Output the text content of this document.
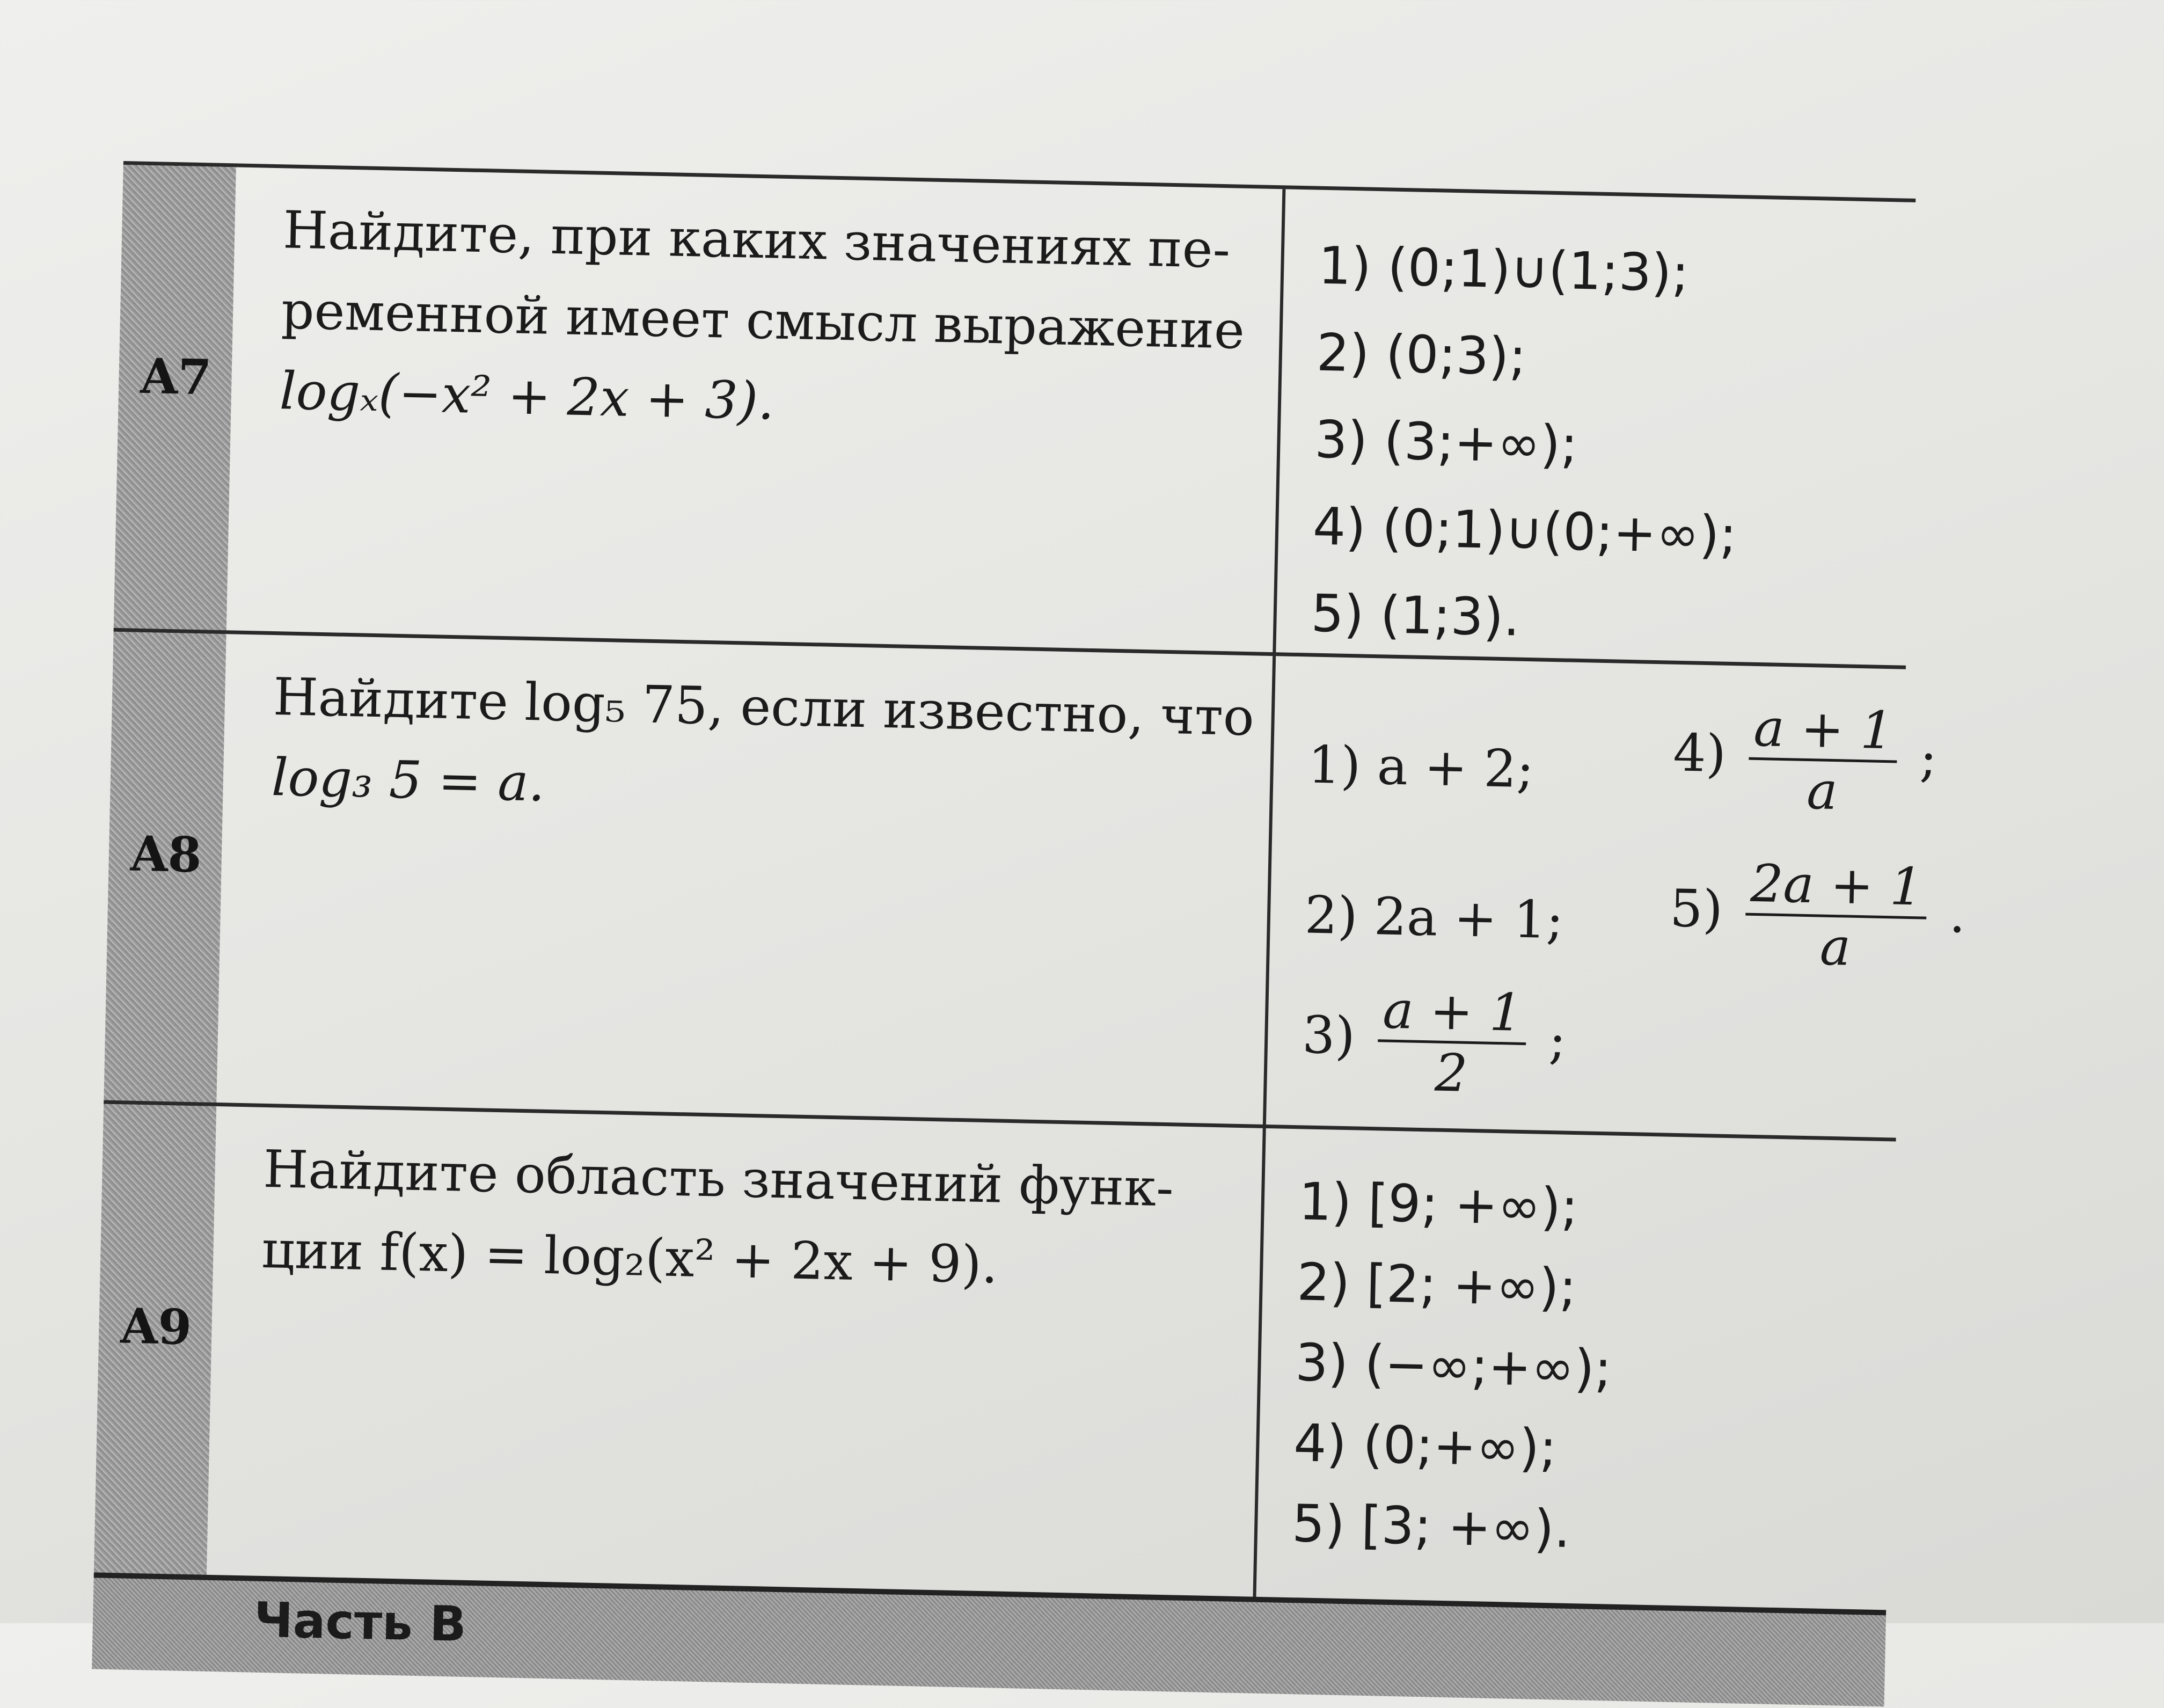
A7
Найдите, при каких значениях пе-
ременной имеет смысл выражение
logₓ(−x² + 2x + 3).
1) (0;1)∪(1;3);
2) (0;3);
3) (3;+∞);
4) (0;1)∪(0;+∞);
5) (1;3).
A8
Найдите log₅ 75, если известно, что
log₃ 5 = a.	1) a + 2;
2) 2a + 1;
$3) \frac{a + 1}{2}$ ;
$4) \frac{a + 1}{a}$ ;
$5) \frac{2a + 1}{a}$ .
A9
Найдите область значений функ-
ции f(x) = log₂(x² + 2x + 9).
1) [9; +∞);
2) [2; +∞);
3) (−∞;+∞);
4) (0;+∞);
5) [3; +∞).
Часть В
